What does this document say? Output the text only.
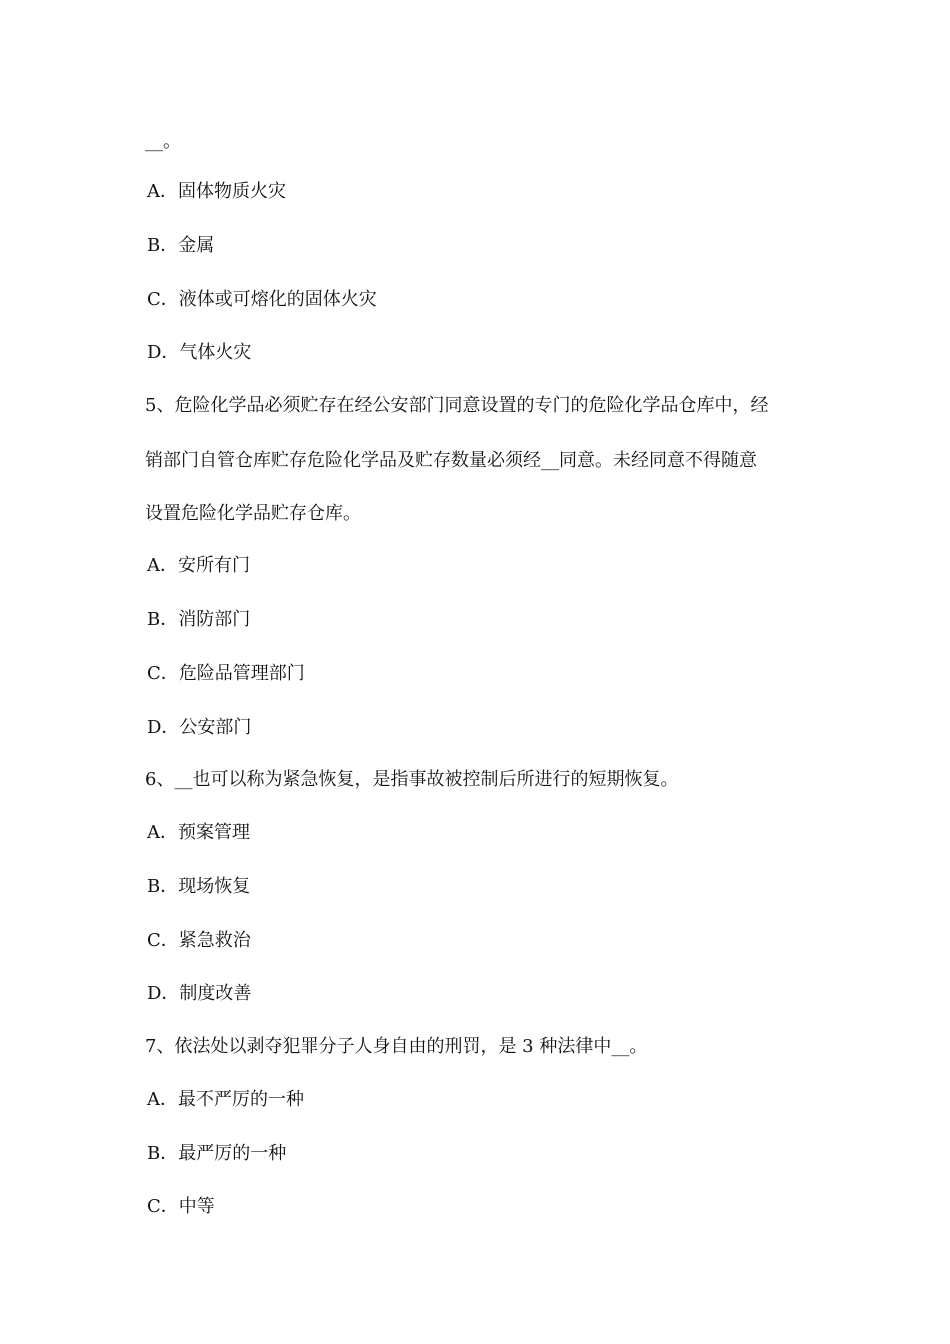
__。
A．固体物质火灾
B．金属
C．液体或可熔化的固体火灾
D．气体火灾
5、危险化学品必须贮存在经公安部门同意设置的专门的危险化学品仓库中，经
销部门自管仓库贮存危险化学品及贮存数量必须经__同意。未经同意不得随意
设置危险化学品贮存仓库。
A．安所有门
B．消防部门
C．危险品管理部门
D．公安部门
6、__也可以称为紧急恢复，是指事故被控制后所进行的短期恢复。
A．预案管理
B．现场恢复
C．紧急救治
D．制度改善
7、依法处以剥夺犯罪分子人身自由的刑罚，是 3 种法律中__。
A．最不严厉的一种
B．最严厉的一种
C．中等
